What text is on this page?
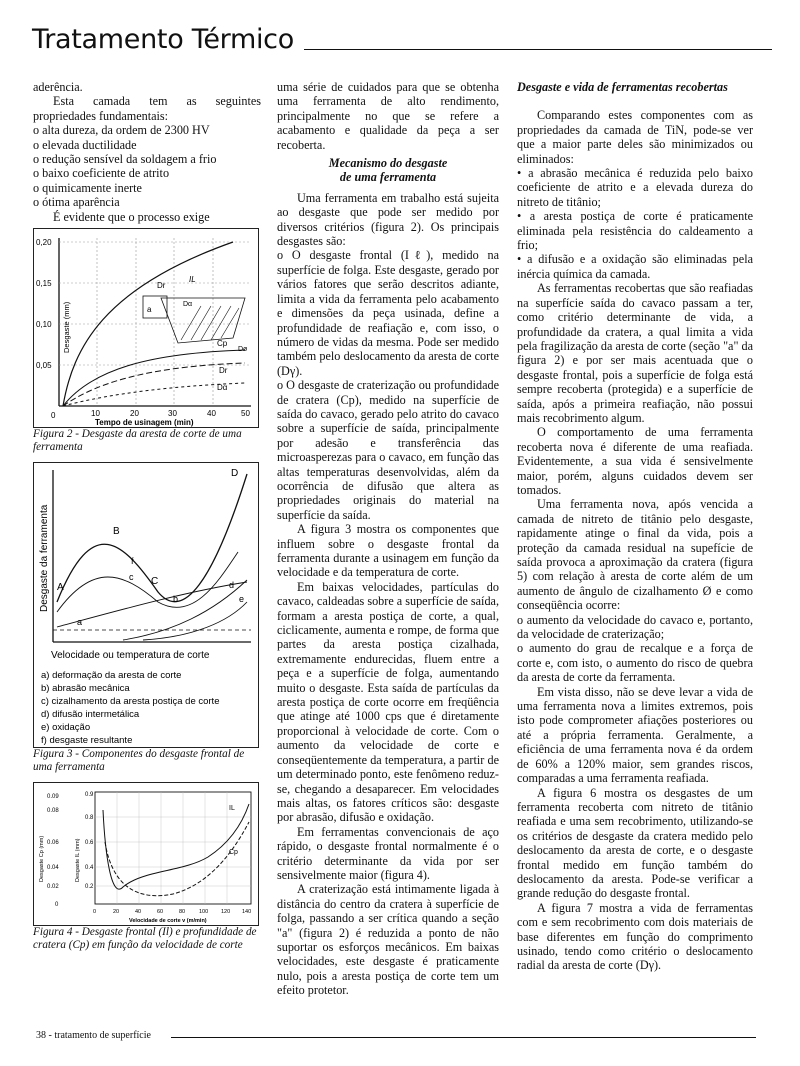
Tratamento Térmico

aderência.

Esta camada tem as seguintes propriedades fundamentais:

o alta dureza, da ordem de 2300 HV

o elevada ductilidade

o redução sensível da soldagem a frio

o baixo coeficiente de atrito

o quimicamente inerte

o ótima aparência

É evidente que o processo exige

0,20
0,15
0,10
0,05
0	10	20	30	40	50
Tempo de usinagem (min)
Desgaste (mm)
IL
Dr
Cp
Dø
Dr
Dα
a
Dα

Figura 2 - Desgaste da aresta de corte de uma ferramenta

Desgaste da ferramenta A
B
C
D
a
b
c
d
e
f
Velocidade ou temperatura de corte
a) deformação da aresta de corte
b) abrasão mecânica
c) cizalhamento da aresta postiça de corte
d) difusão intermetálica
e) oxidação
f) desgaste resultante

Figura 3 - Componentes do desgaste frontal de uma ferramenta

0.09
0.08
0.06
0.04
0.02
0
0.9
0.8
0.6
0.4
0.2
Desgaste Cp (mm)	Desgaste IL (mm)
0	20	40	60	80	100 120 140
Velocidade de corte v (m/min)
IL
Cp

Figura 4 - Desgaste frontal (Il) e profundidade de cratera (Cp) em função da velocidade de corte

uma série de cuidados para que se obtenha uma ferramenta de alto rendimento, principalmente no que se refere a acabamento e qualidade da peça a ser recoberta.

Mecanismo do desgaste
de uma ferramenta

Uma ferramenta em trabalho está sujeita ao desgaste que pode ser medido por diversos critérios (figura 2). Os principais desgastes são:

o O desgaste frontal (Iℓ), medido na superfície de folga. Este desgaste, gerado por vários fatores que serão descritos adiante, limita a vida da ferramenta pelo acabamento e dimensões da peça usinada, define a profundidade de reafiação e, com isso, o número de vidas da mesma. Pode ser medido também pelo deslocamento da aresta de corte (Dγ).

o O desgaste de craterização ou profundidade de cratera (Cp), medido na superfície de saída do cavaco, gerado pelo atrito do cavaco sobre a superfície de saída, principalmente por adesão e transferência das microasperezas para o cavaco, em função das altas temperaturas desenvolvidas, além da ocorrência de difusão que altera as propriedades originais do material na superfície da saída.

A figura 3 mostra os componentes que influem sobre o desgaste frontal da ferramenta durante a usinagem em função da velocidade e da temperatura de corte.

Em baixas velocidades, partículas do cavaco, caldeadas sobre a superfície de saída, formam a aresta postiça de corte, a qual, ciclicamente, aumenta e rompe, de forma que partes da aresta postiça cizalhada, extremamente endurecidas, fluem entre a peça e a superfície de folga, aumentando muito o desgaste. Esta saída de partículas da aresta postiça de corte ocorre em freqüência que atinge até 1000 cps que é diretamente proporcional à velocidade de corte. Com o aumento da velocidade de corte e conseqüentemente da temperatura, a partir de um determinado ponto, este fenômeno reduz-se, chegando a desaparecer. Em velocidades mais altas, os fatores críticos são: desgaste por abrasão, difusão e oxidação.

Em ferramentas convencionais de aço rápido, o desgaste frontal normalmente é o critério determinante da vida por ser sensivelmente maior (figura 4).

A craterização está intimamente ligada à distância do centro da cratera à superfície de folga, passando a ser crítica quando a seção "a" (figura 2) é reduzida a ponto de não suportar os esforços mecânicos. Em baixas velocidades, este desgaste é praticamente nulo, pois a aresta postiça de corte tem um efeito protetor.

Desgaste e vida de ferramentas recobertas

Comparando estes componentes com as propriedades da camada de TiN, pode-se ver que a maior parte deles são minimizados ou eliminados:

• a abrasão mecânica é reduzida pelo baixo coeficiente de atrito e a elevada dureza do nitreto de titânio;

• a aresta postiça de corte é praticamente eliminada pela resistência do caldeamento a frio;

• a difusão e a oxidação são eliminadas pela inércia química da camada.

As ferramentas recobertas que são reafiadas na superfície saída do cavaco passam a ter, como critério determinante de vida, a profundidade da cratera, a qual limita a vida pela fragilização da aresta de corte (seção "a" da figura 2) e por ser mais acentuada que o desgaste frontal, pois a superfície de folga está sempre recoberta (protegida) e a superfície de saída, após a primeira reafiação, não possui mais recobrimento algum.

O comportamento de uma ferramenta recoberta nova é diferente de uma reafiada. Evidentemente, a sua vida é sensivelmente maior, porém, alguns cuidados devem ser tomados.

Uma ferramenta nova, após vencida a camada de nitreto de titânio pelo desgaste, rapidamente atinge o final da vida, pois a proteção da camada residual na supefície de saída provoca a aproximação da cratera (figura 5) com relação à aresta de corte além de um aumento de ângulo de cizalhamento Ø e como conseqüência ocorre:

o aumento da velocidade do cavaco e, portanto, da velocidade de craterização;

o aumento do grau de recalque e a força de corte e, com isto, o aumento do risco de quebra da aresta de corte da ferramenta.

Em vista disso, não se deve levar a vida de uma ferramenta nova a limites extremos, pois isto pode comprometer afiações posteriores ou até a própria ferramenta. Geralmente, a eficiência de uma ferramenta nova é da ordem de 60% a 120% maior, sem grandes riscos, comparadas a uma ferramenta reafiada.

A figura 6 mostra os desgastes de um ferramenta recoberta com nitreto de titânio reafiada e uma sem recobrimento, utilizando-se os critérios de desgaste da cratera medido pelo deslocamento da aresta de corte, e o desgaste frontal medido em função também do deslocamento da aresta. Pode-se verificar a grande redução do desgaste frontal.

A figura 7 mostra a vida de ferramentas com e sem recobrimento com dois materiais de base diferentes em função do comprimento usinado, tendo como critério o deslocamento radial da aresta de corte (Dγ).

38 - tratamento de superfície
